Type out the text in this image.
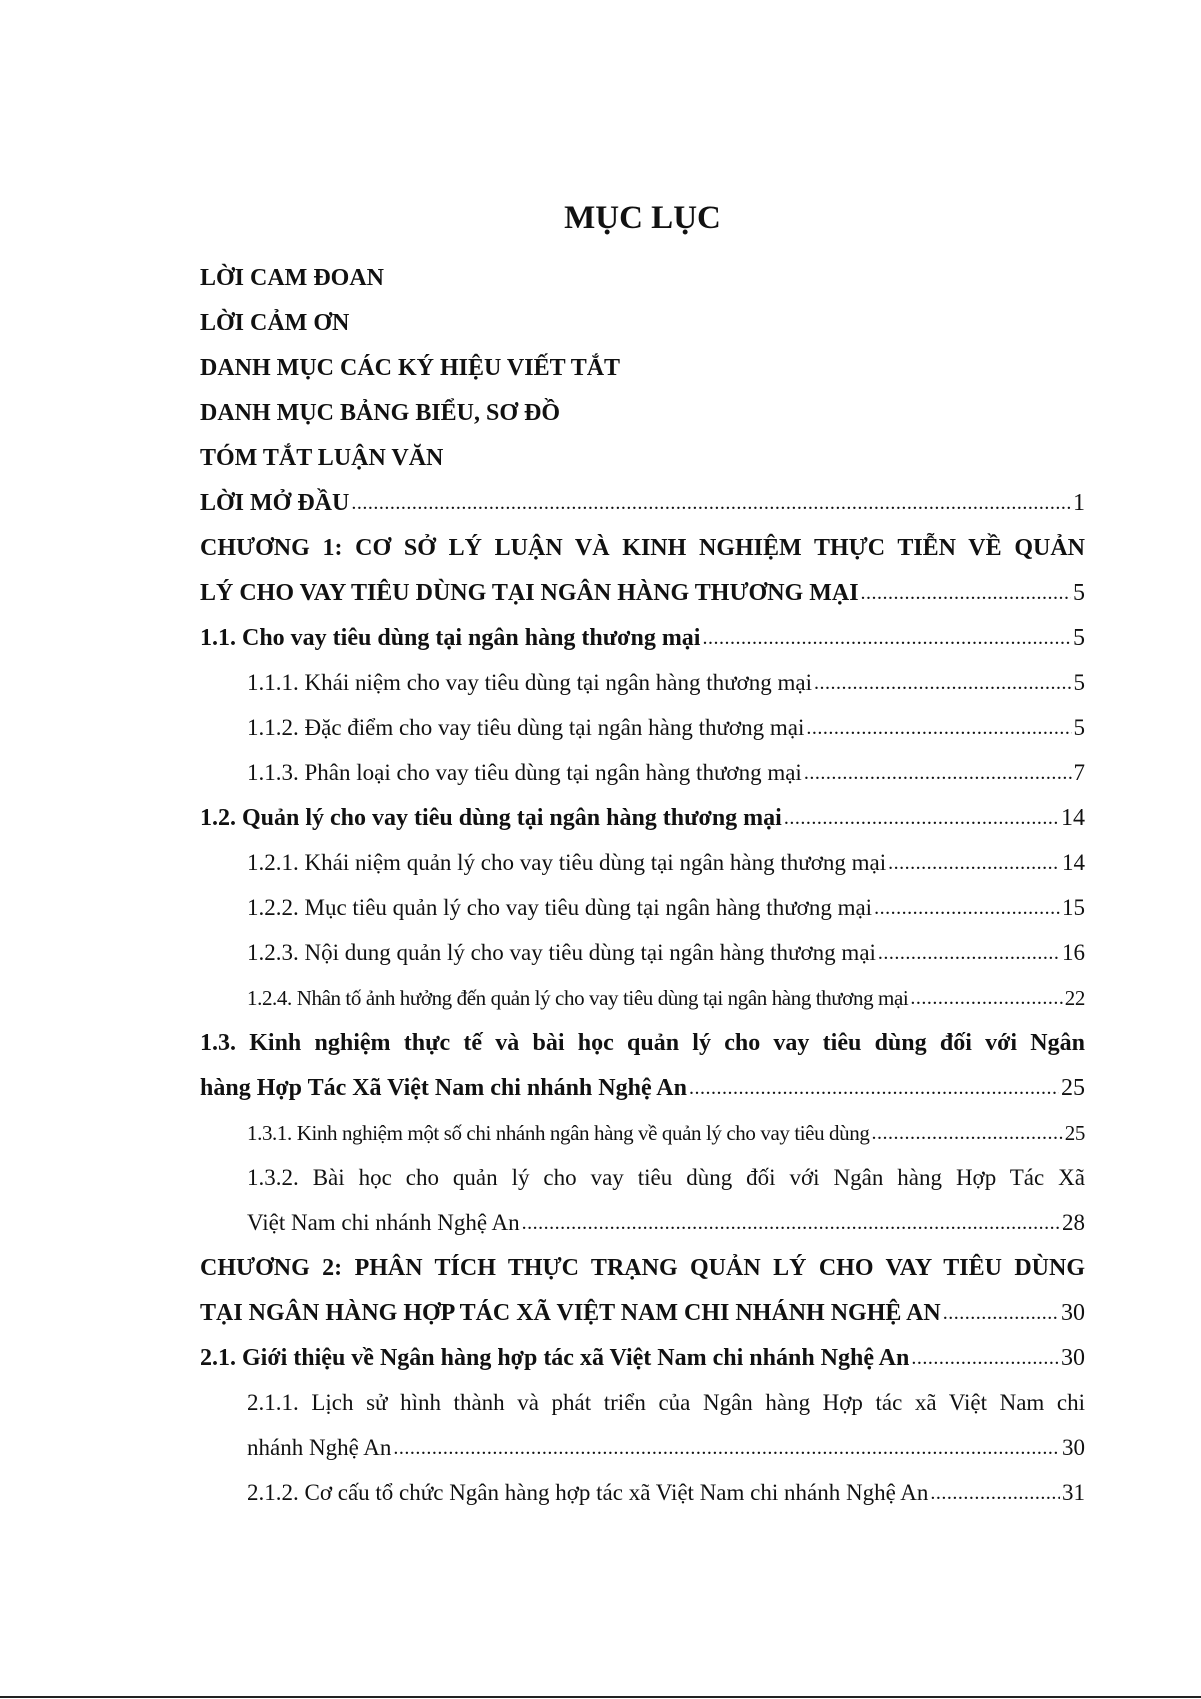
MỤC LỤC
LỜI CAM ĐOAN
LỜI CẢM ƠN
DANH MỤC CÁC KÝ HIỆU VIẾT TẮT
DANH MỤC BẢNG BIỂU, SƠ ĐỒ
TÓM TẮT LUẬN VĂN
LỜI MỞ ĐẦU .....	1
CHƯƠNG 1: CƠ SỞ LÝ LUẬN VÀ KINH NGHIỆM THỰC TIỄN VỀ QUẢN
LÝ CHO VAY TIÊU DÙNG TẠI NGÂN HÀNG THƯƠNG MẠI .....	5
1.1. Cho vay tiêu dùng tại ngân hàng thương mại .....	5
1.1.1. Khái niệm cho vay tiêu dùng tại ngân hàng thương mại .....	5
1.1.2. Đặc điểm cho vay tiêu dùng tại ngân hàng thương mại .....	5
1.1.3. Phân loại cho vay tiêu dùng tại ngân hàng thương mại .....	7
1.2. Quản lý cho vay tiêu dùng tại ngân hàng thương mại .....	14
1.2.1. Khái niệm quản lý cho vay tiêu dùng tại ngân hàng thương mại .....	14
1.2.2. Mục tiêu quản lý cho vay tiêu dùng tại ngân hàng thương mại .....	15
1.2.3. Nội dung quản lý cho vay tiêu dùng tại ngân hàng thương mại .....	16
1.2.4. Nhân tố ảnh hưởng đến quản lý cho vay tiêu dùng tại ngân hàng thương mại .....	22
1.3. Kinh nghiệm thực tế và bài học quản lý cho vay tiêu dùng đối với Ngân
hàng Hợp Tác Xã Việt Nam chi nhánh Nghệ An .....	25
1.3.1. Kinh nghiệm một số chi nhánh ngân hàng về quản lý cho vay tiêu dùng .....	25
1.3.2. Bài học cho quản lý cho vay tiêu dùng đối với Ngân hàng Hợp Tác Xã
Việt Nam chi nhánh Nghệ An .....	28
CHƯƠNG 2: PHÂN TÍCH THỰC TRẠNG QUẢN LÝ CHO VAY TIÊU DÙNG
TẠI NGÂN HÀNG HỢP TÁC XÃ VIỆT NAM CHI NHÁNH NGHỆ AN .....	30
2.1. Giới thiệu về Ngân hàng hợp tác xã Việt Nam chi nhánh Nghệ An .....	30
2.1.1. Lịch sử hình thành và phát triển của Ngân hàng Hợp tác xã Việt Nam chi
nhánh Nghệ An .....	30
2.1.2. Cơ cấu tổ chức Ngân hàng hợp tác xã Việt Nam chi nhánh Nghệ An .....	31
